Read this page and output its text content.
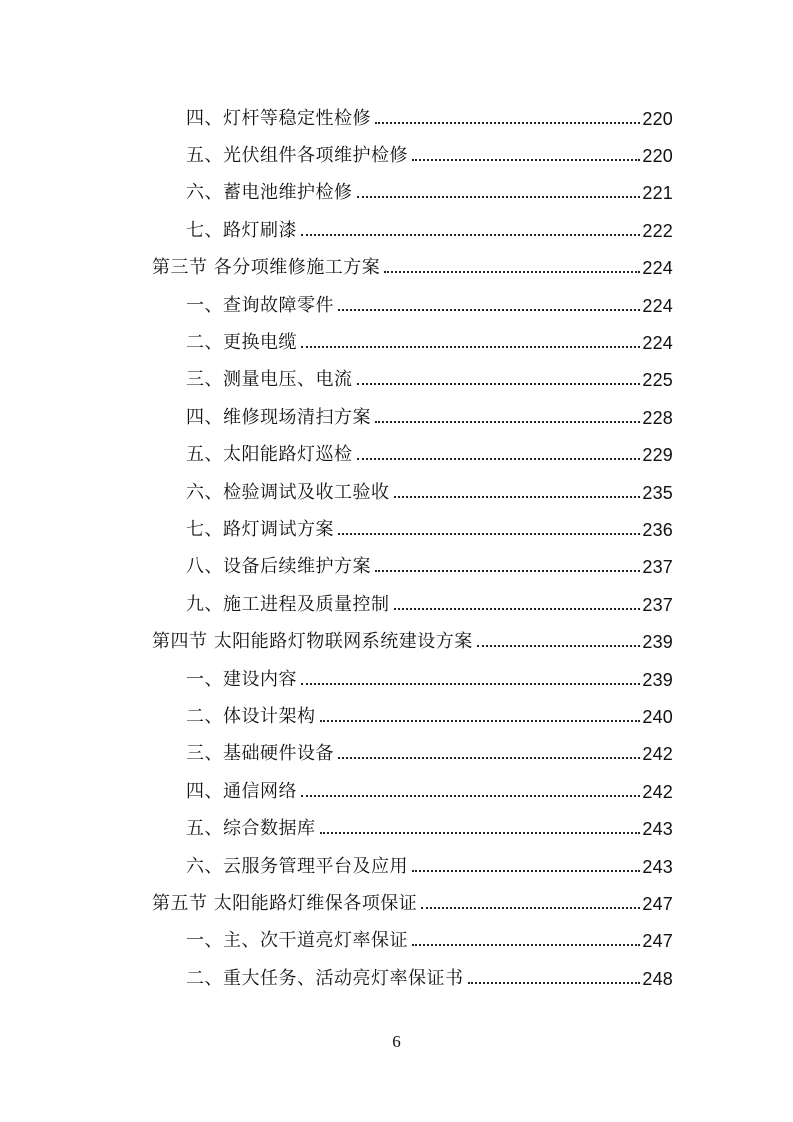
四、灯杆等稳定性检修	220
五、光伏组件各项维护检修	220
六、蓄电池维护检修	221
七、路灯刷漆	222
第三节 各分项维修施工方案	224
一、查询故障零件	224
二、更换电缆	224
三、测量电压、电流	225
四、维修现场清扫方案	228
五、太阳能路灯巡检	229
六、检验调试及收工验收	235
七、路灯调试方案	236
八、设备后续维护方案	237
九、施工进程及质量控制	237
第四节 太阳能路灯物联网系统建设方案	239
一、建设内容	239
二、体设计架构	240
三、基础硬件设备	242
四、通信网络	242
五、综合数据库	243
六、云服务管理平台及应用	243
第五节 太阳能路灯维保各项保证	247
一、主、次干道亮灯率保证	247
二、重大任务、活动亮灯率保证书	248
6
